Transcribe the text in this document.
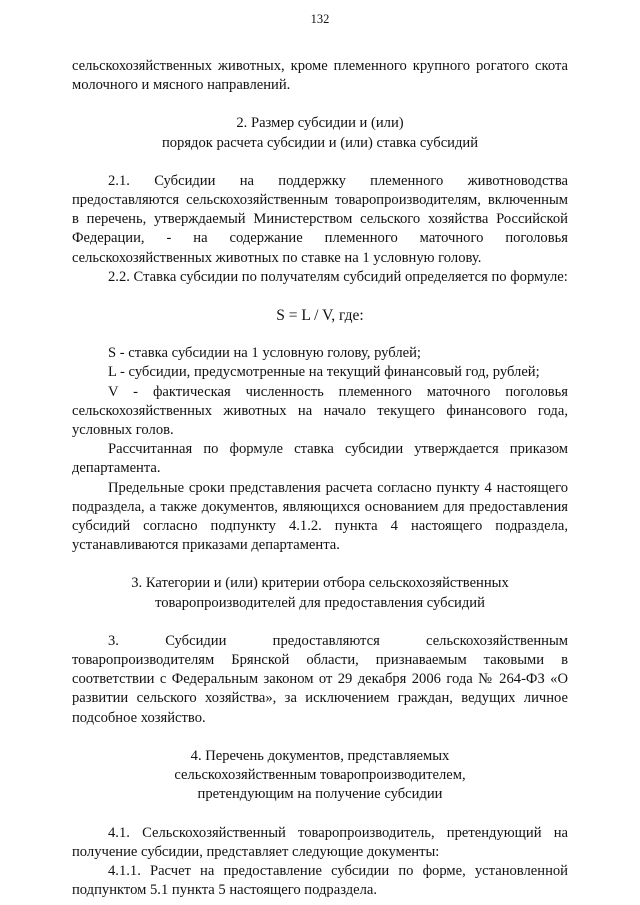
132

сельскохозяйственных животных, кроме племенного крупного рогатого скота молочного и мясного направлений.

2. Размер субсидии и (или)
порядок расчета субсидии и (или) ставка субсидий

2.1. Субсидии на поддержку племенного животноводства предоставляются сельскохозяйственным товаропроизводителям, включенным в перечень, утверждаемый Министерством сельского хозяйства Российской Федерации, - на содержание племенного маточного поголовья сельскохозяйственных животных по ставке на 1 условную голову.

2.2. Ставка субсидии по получателям субсидий определяется по формуле:

S = L / V, где:

S - ставка субсидии на 1 условную голову, рублей;

L - субсидии, предусмотренные на текущий финансовый год, рублей;

V - фактическая численность племенного маточного поголовья сельскохозяйственных животных на начало текущего финансового года, условных голов.

Рассчитанная по формуле ставка субсидии утверждается приказом департамента.

Предельные сроки представления расчета согласно пункту 4 настоящего подраздела, а также документов, являющихся основанием для предоставления субсидий согласно подпункту 4.1.2. пункта 4 настоящего подраздела, устанавливаются приказами департамента.

3. Категории и (или) критерии отбора сельскохозяйственных
товаропроизводителей для предоставления субсидий

3. Субсидии предоставляются сельскохозяйственным товаропроизводителям Брянской области, признаваемым таковыми в соответствии с Федеральным законом от 29 декабря 2006 года № 264-ФЗ «О развитии сельского хозяйства», за исключением граждан, ведущих личное подсобное хозяйство.

4. Перечень документов, представляемых
сельскохозяйственным товаропроизводителем,
претендующим на получение субсидии

4.1. Сельскохозяйственный товаропроизводитель, претендующий на получение субсидии, представляет следующие документы:

4.1.1. Расчет на предоставление субсидии по форме, установленной подпунктом 5.1 пункта 5 настоящего подраздела.
